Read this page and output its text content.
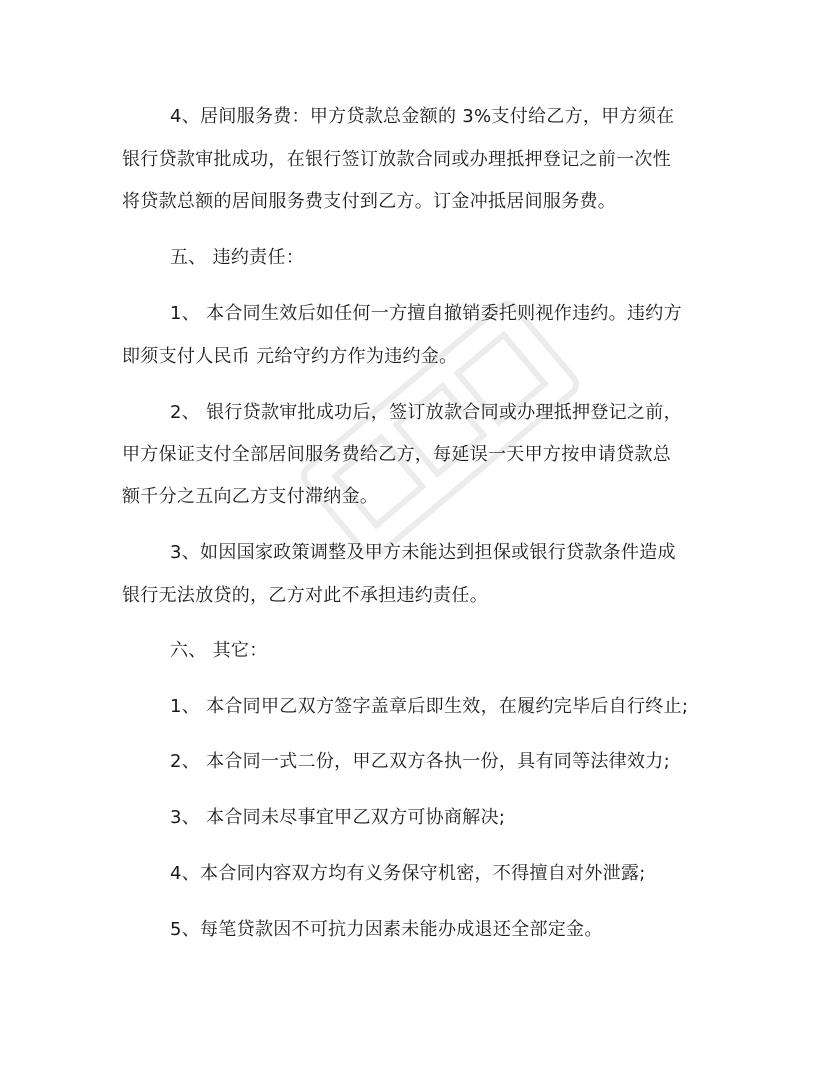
4、居间服务费：甲方贷款总金额的 3%支付给乙方，甲方须在
银行贷款审批成功，在银行签订放款合同或办理抵押登记之前一次性
将贷款总额的居间服务费支付到乙方。订金冲抵居间服务费。
五、 违约责任：
1、 本合同生效后如任何一方擅自撤销委托则视作违约。违约方
即须支付人民币 元给守约方作为违约金。
2、 银行贷款审批成功后，签订放款合同或办理抵押登记之前，
甲方保证支付全部居间服务费给乙方，每延误一天甲方按申请贷款总
额千分之五向乙方支付滞纳金。
3、如因国家政策调整及甲方未能达到担保或银行贷款条件造成
银行无法放贷的，乙方对此不承担违约责任。
六、 其它：
1、 本合同甲乙双方签字盖章后即生效，在履约完毕后自行终止;
2、 本合同一式二份，甲乙双方各执一份，具有同等法律效力;
3、 本合同未尽事宜甲乙双方可协商解决;
4、本合同内容双方均有义务保守机密，不得擅自对外泄露;
5、每笔贷款因不可抗力因素未能办成退还全部定金。
